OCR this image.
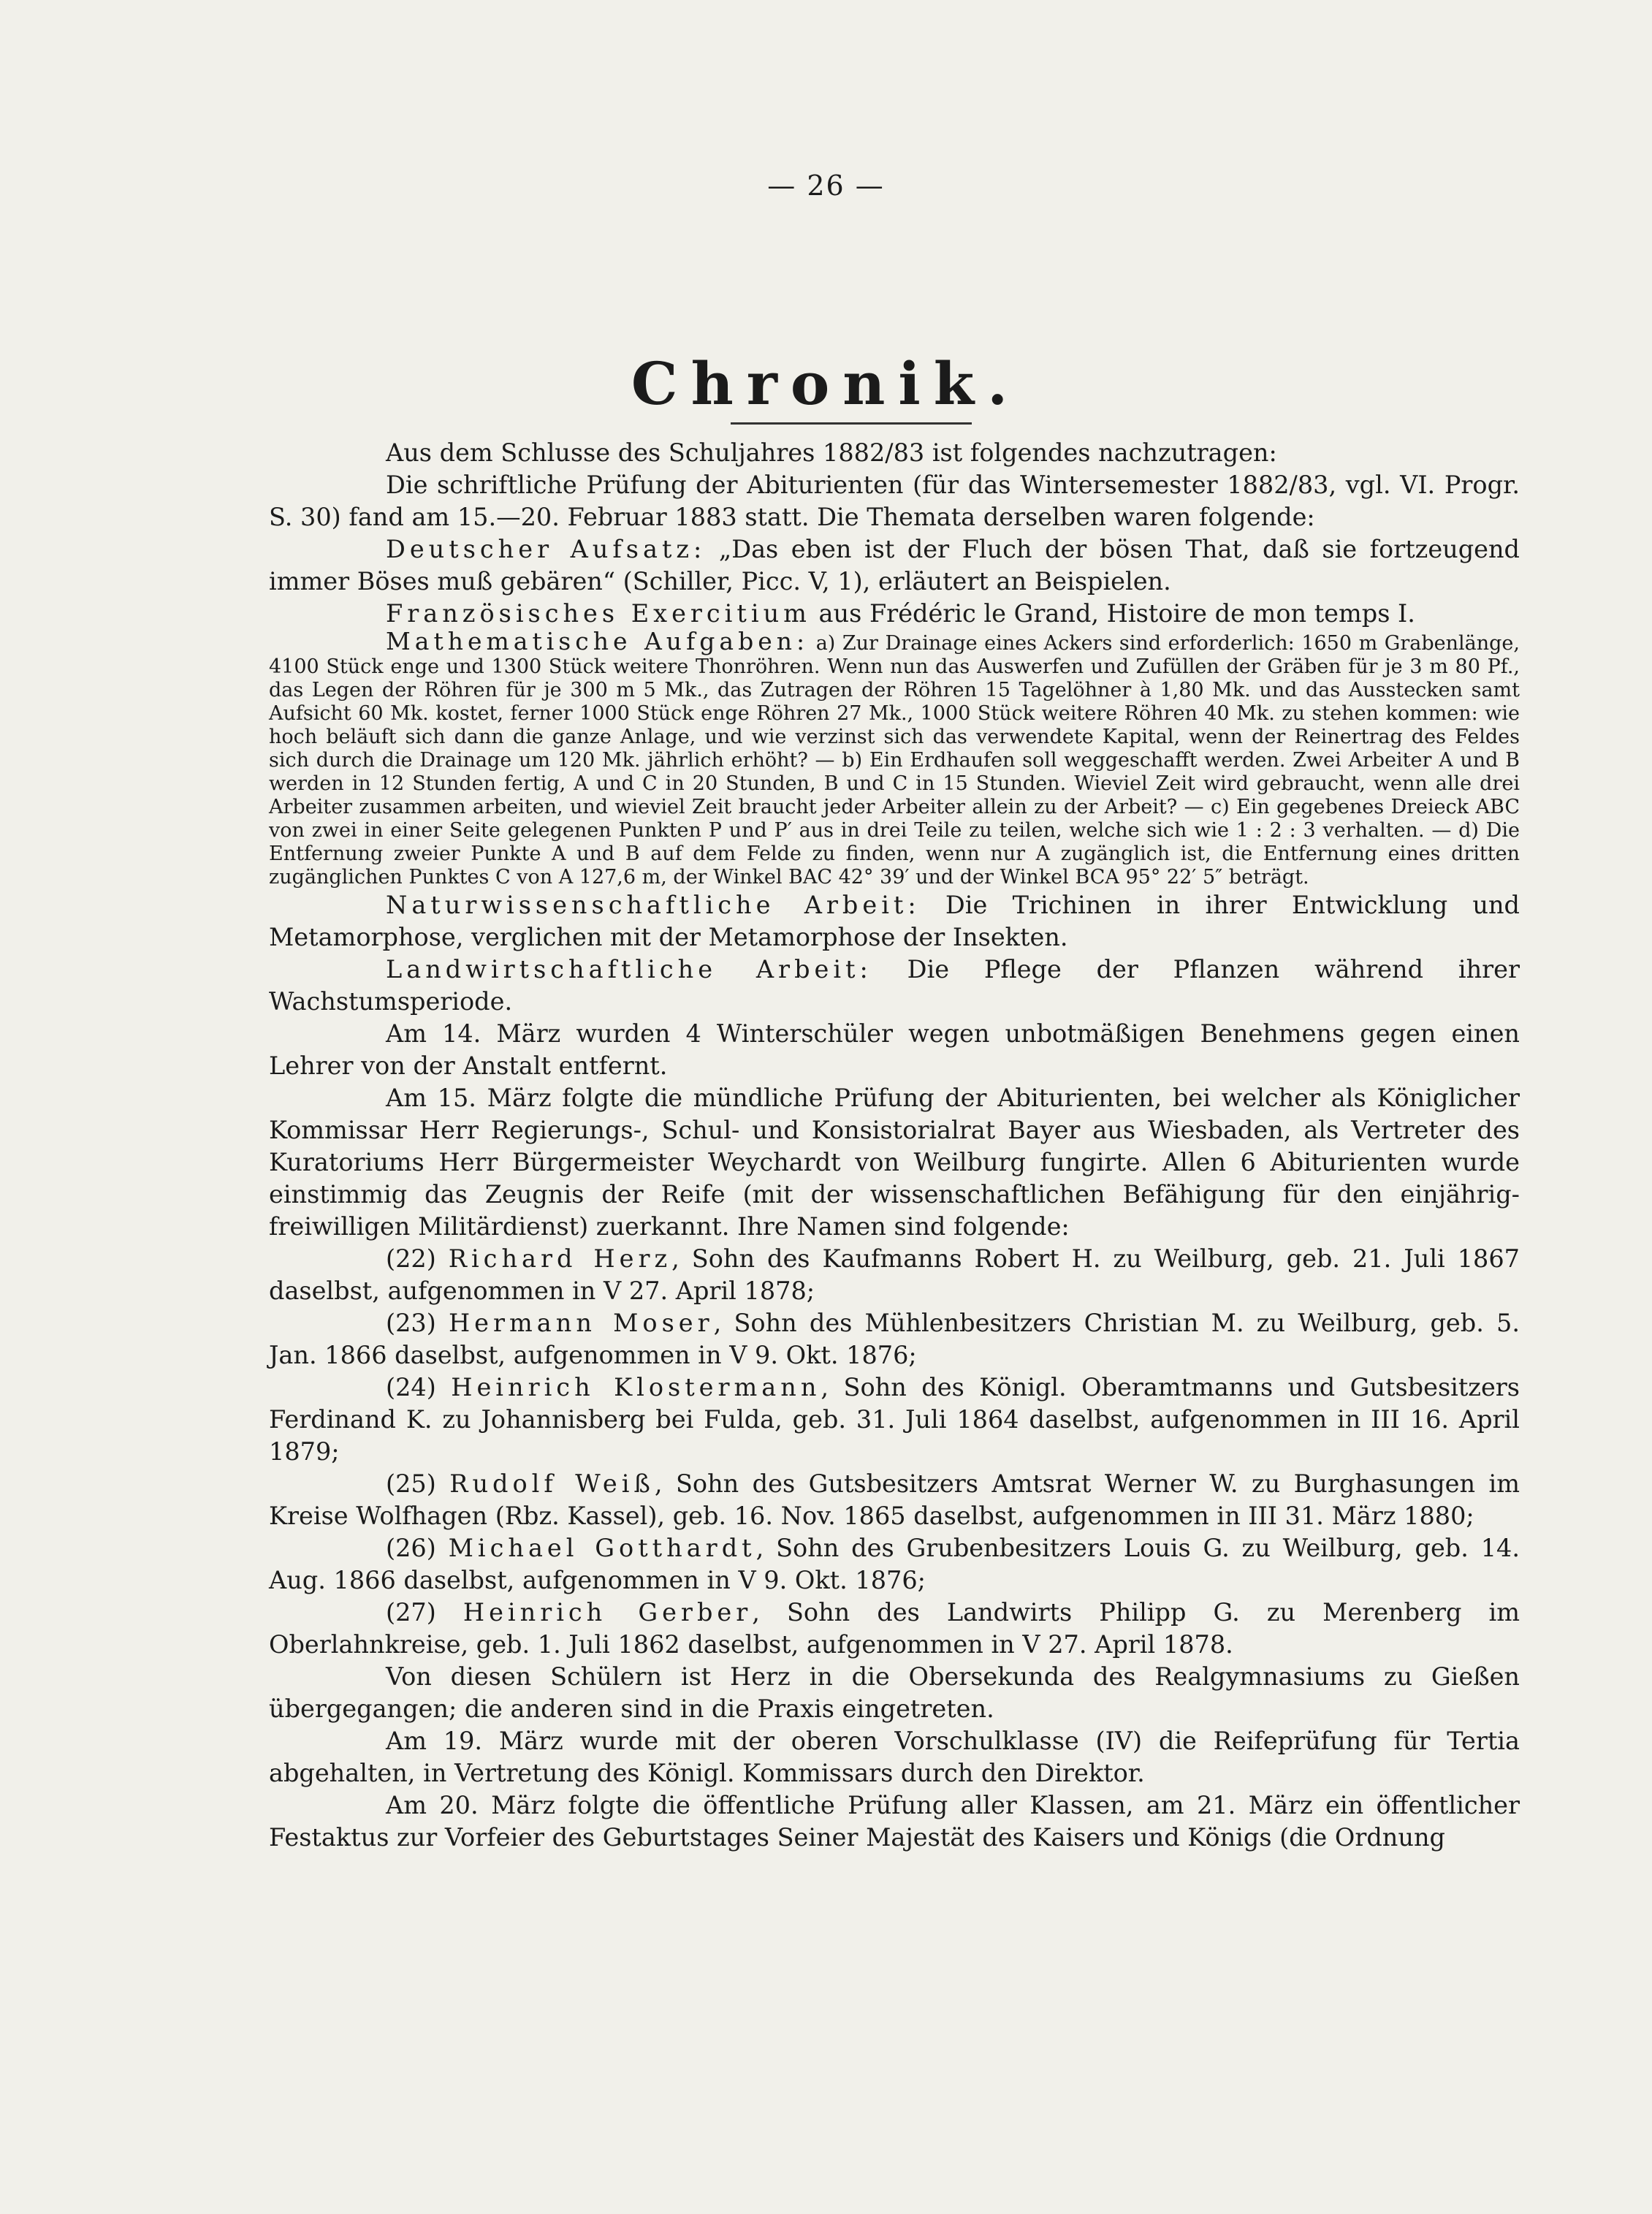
— 26 —
Chronik.

Aus dem Schlusse des Schuljahres 1882/83 ist folgendes nachzutragen:

Die schriftliche Prüfung der Abiturienten (für das Wintersemester 1882/83, vgl. VI. Progr. S. 30) fand am 15.—20. Februar 1883 statt. Die Themata derselben waren folgende:

Deutscher Aufsatz: „Das eben ist der Fluch der bösen That, daß sie fortzeugend immer Böses muß gebären“ (Schiller, Picc. V, 1), erläutert an Beispielen.

Französisches Exercitium aus Frédéric le Grand, Histoire de mon temps I.

Mathematische Aufgaben: a) Zur Drainage eines Ackers sind erforderlich: 1650 m Grabenlänge, 4100 Stück enge und 1300 Stück weitere Thonröhren. Wenn nun das Auswerfen und Zufüllen der Gräben für je 3 m 80 Pf., das Legen der Röhren für je 300 m 5 Mk., das Zutragen der Röhren 15 Tagelöhner à 1,80 Mk. und das Ausstecken samt Aufsicht 60 Mk. kostet, ferner 1000 Stück enge Röhren 27 Mk., 1000 Stück weitere Röhren 40 Mk. zu stehen kommen: wie hoch beläuft sich dann die ganze Anlage, und wie verzinst sich das verwendete Kapital, wenn der Reinertrag des Feldes sich durch die Drainage um 120 Mk. jährlich erhöht? — b) Ein Erdhaufen soll weggeschafft werden. Zwei Arbeiter A und B werden in 12 Stunden fertig, A und C in 20 Stunden, B und C in 15 Stunden. Wieviel Zeit wird gebraucht, wenn alle drei Arbeiter zusammen arbeiten, und wieviel Zeit braucht jeder Arbeiter allein zu der Arbeit? — c) Ein gegebenes Dreieck ABC von zwei in einer Seite gelegenen Punkten P und P′ aus in drei Teile zu teilen, welche sich wie 1 : 2 : 3 verhalten. — d) Die Entfernung zweier Punkte A und B auf dem Felde zu finden, wenn nur A zugänglich ist, die Entfernung eines dritten zugänglichen Punktes C von A 127,6 m, der Winkel BAC 42° 39′ und der Winkel BCA 95° 22′ 5″ beträgt.

Naturwissenschaftliche Arbeit: Die Trichinen in ihrer Entwicklung und Metamorphose, verglichen mit der Metamorphose der Insekten.

Landwirtschaftliche Arbeit: Die Pflege der Pflanzen während ihrer Wachstumsperiode.

Am 14. März wurden 4 Winterschüler wegen unbotmäßigen Benehmens gegen einen Lehrer von der Anstalt entfernt.

Am 15. März folgte die mündliche Prüfung der Abiturienten, bei welcher als Königlicher Kommissar Herr Regierungs-, Schul- und Konsistorialrat Bayer aus Wiesbaden, als Vertreter des Kuratoriums Herr Bürgermeister Weychardt von Weilburg fungirte. Allen 6 Abiturienten wurde einstimmig das Zeugnis der Reife (mit der wissenschaftlichen Befähigung für den einjährig-freiwilligen Militärdienst) zuerkannt. Ihre Namen sind folgende:

(22) Richard Herz, Sohn des Kaufmanns Robert H. zu Weilburg, geb. 21. Juli 1867 daselbst, aufgenommen in V 27. April 1878;

(23) Hermann Moser, Sohn des Mühlenbesitzers Christian M. zu Weilburg, geb. 5. Jan. 1866 daselbst, aufgenommen in V 9. Okt. 1876;

(24) Heinrich Klostermann, Sohn des Königl. Oberamtmanns und Gutsbesitzers Ferdinand K. zu Johannisberg bei Fulda, geb. 31. Juli 1864 daselbst, aufgenommen in III 16. April 1879;

(25) Rudolf Weiß, Sohn des Gutsbesitzers Amtsrat Werner W. zu Burghasungen im Kreise Wolfhagen (Rbz. Kassel), geb. 16. Nov. 1865 daselbst, aufgenommen in III 31. März 1880;

(26) Michael Gotthardt, Sohn des Grubenbesitzers Louis G. zu Weilburg, geb. 14. Aug. 1866 daselbst, aufgenommen in V 9. Okt. 1876;

(27) Heinrich Gerber, Sohn des Landwirts Philipp G. zu Merenberg im Oberlahnkreise, geb. 1. Juli 1862 daselbst, aufgenommen in V 27. April 1878.

Von diesen Schülern ist Herz in die Obersekunda des Realgymnasiums zu Gießen übergegangen; die anderen sind in die Praxis eingetreten.

Am 19. März wurde mit der oberen Vorschulklasse (IV) die Reifeprüfung für Tertia abgehalten, in Vertretung des Königl. Kommissars durch den Direktor.

Am 20. März folgte die öffentliche Prüfung aller Klassen, am 21. März ein öffentlicher Festaktus zur Vorfeier des Geburtstages Seiner Majestät des Kaisers und Königs (die Ordnung
